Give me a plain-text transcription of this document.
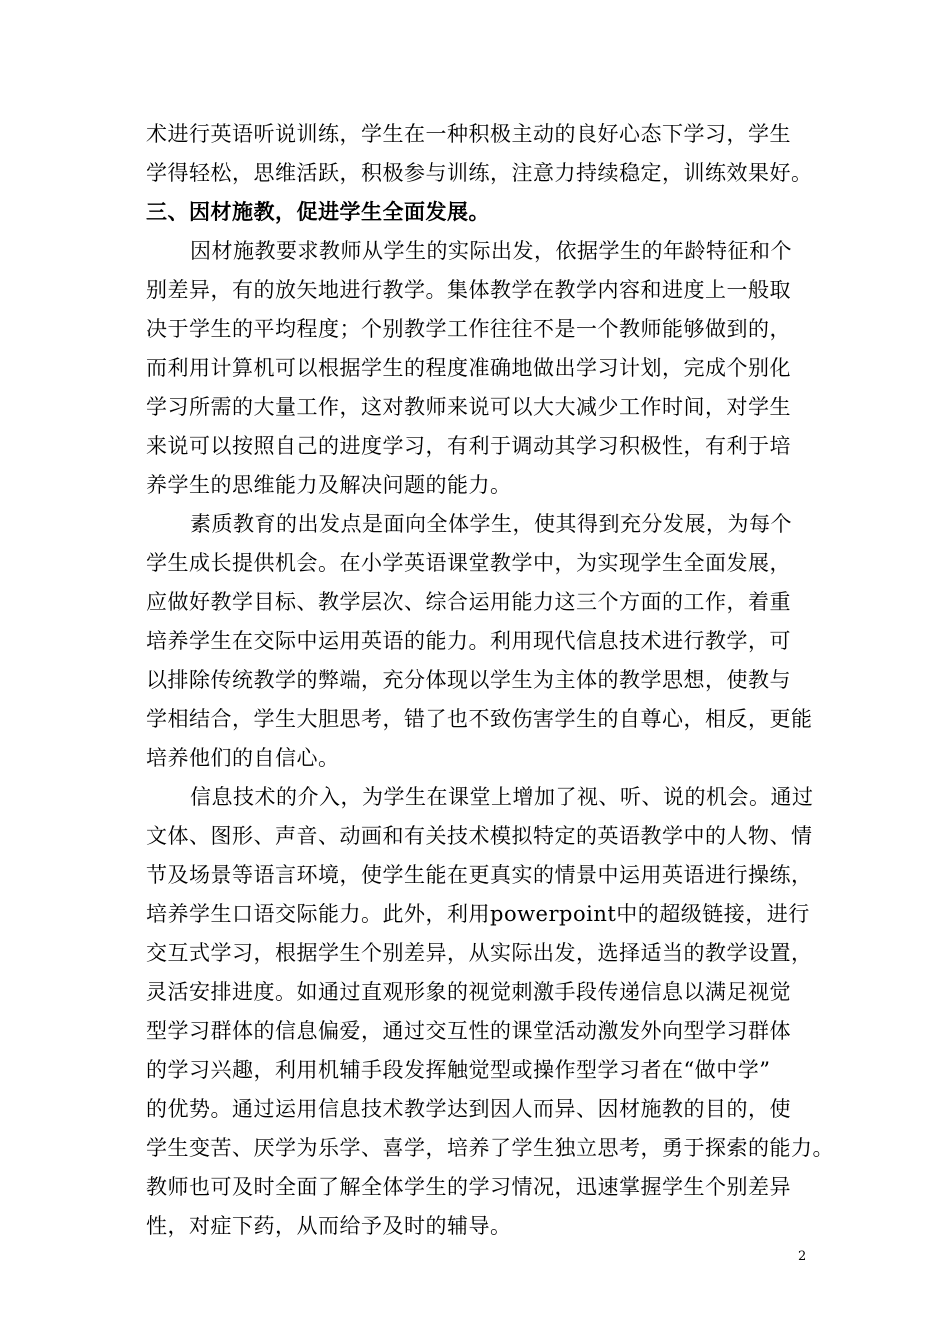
术进行英语听说训练，学生在一种积极主动的良好心态下学习，学生
学得轻松，思维活跃，积极参与训练，注意力持续稳定，训练效果好。
三、因材施教，促进学生全面发展。
因材施教要求教师从学生的实际出发，依据学生的年龄特征和个
别差异，有的放矢地进行教学。集体教学在教学内容和进度上一般取
决于学生的平均程度；个别教学工作往往不是一个教师能够做到的，
而利用计算机可以根据学生的程度准确地做出学习计划，完成个别化
学习所需的大量工作，这对教师来说可以大大减少工作时间，对学生
来说可以按照自己的进度学习，有利于调动其学习积极性，有利于培
养学生的思维能力及解决问题的能力。
素质教育的出发点是面向全体学生，使其得到充分发展，为每个
学生成长提供机会。在小学英语课堂教学中，为实现学生全面发展，
应做好教学目标、教学层次、综合运用能力这三个方面的工作，着重
培养学生在交际中运用英语的能力。利用现代信息技术进行教学，可
以排除传统教学的弊端，充分体现以学生为主体的教学思想，使教与
学相结合，学生大胆思考，错了也不致伤害学生的自尊心，相反，更能
培养他们的自信心。
信息技术的介入，为学生在课堂上增加了视、听、说的机会。通过
文体、图形、声音、动画和有关技术模拟特定的英语教学中的人物、情
节及场景等语言环境，使学生能在更真实的情景中运用英语进行操练，
培养学生口语交际能力。此外，利用powerpoint中的超级链接，进行
交互式学习，根据学生个别差异，从实际出发，选择适当的教学设置，
灵活安排进度。如通过直观形象的视觉刺激手段传递信息以满足视觉
型学习群体的信息偏爱，通过交互性的课堂活动激发外向型学习群体
的学习兴趣，利用机辅手段发挥触觉型或操作型学习者在“做中学”
的优势。通过运用信息技术教学达到因人而异、因材施教的目的，使
学生变苦、厌学为乐学、喜学，培养了学生独立思考，勇于探索的能力。
教师也可及时全面了解全体学生的学习情况，迅速掌握学生个别差异
性，对症下药，从而给予及时的辅导。
2
